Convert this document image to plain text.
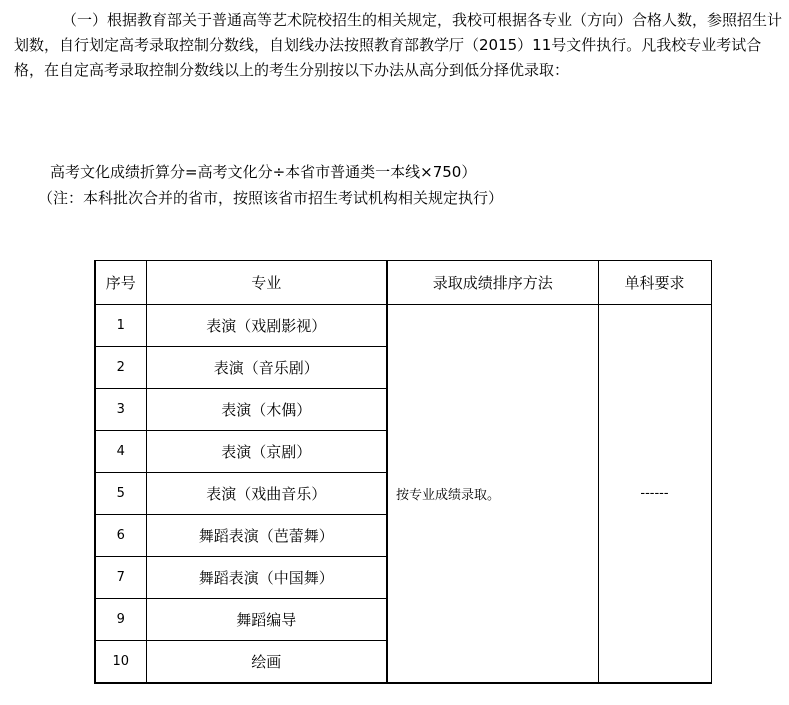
（一）根据教育部关于普通高等艺术院校招生的相关规定，我校可根据各专业（方向）合格人数，参照招生计划数，自行划定高考录取控制分数线，自划线办法按照教育部教学厅（2015）11号文件执行。凡我校专业考试合格，在自定高考录取控制分数线以上的考生分别按以下办法从高分到低分择优录取：

高考文化成绩折算分=高考文化分÷本省市普通类一本线×750）
（注：本科批次合并的省市，按照该省市招生考试机构相关规定执行）
序号	专业	录取成绩排序方法	单科要求
1	表演（戏剧影视）	按专业成绩录取。	------
2	表演（音乐剧）		
3	表演（木偶）		
4	表演（京剧）		
5	表演（戏曲音乐）		
6	舞蹈表演（芭蕾舞）		
7	舞蹈表演（中国舞）		
9	舞蹈编导		
10	绘画		
